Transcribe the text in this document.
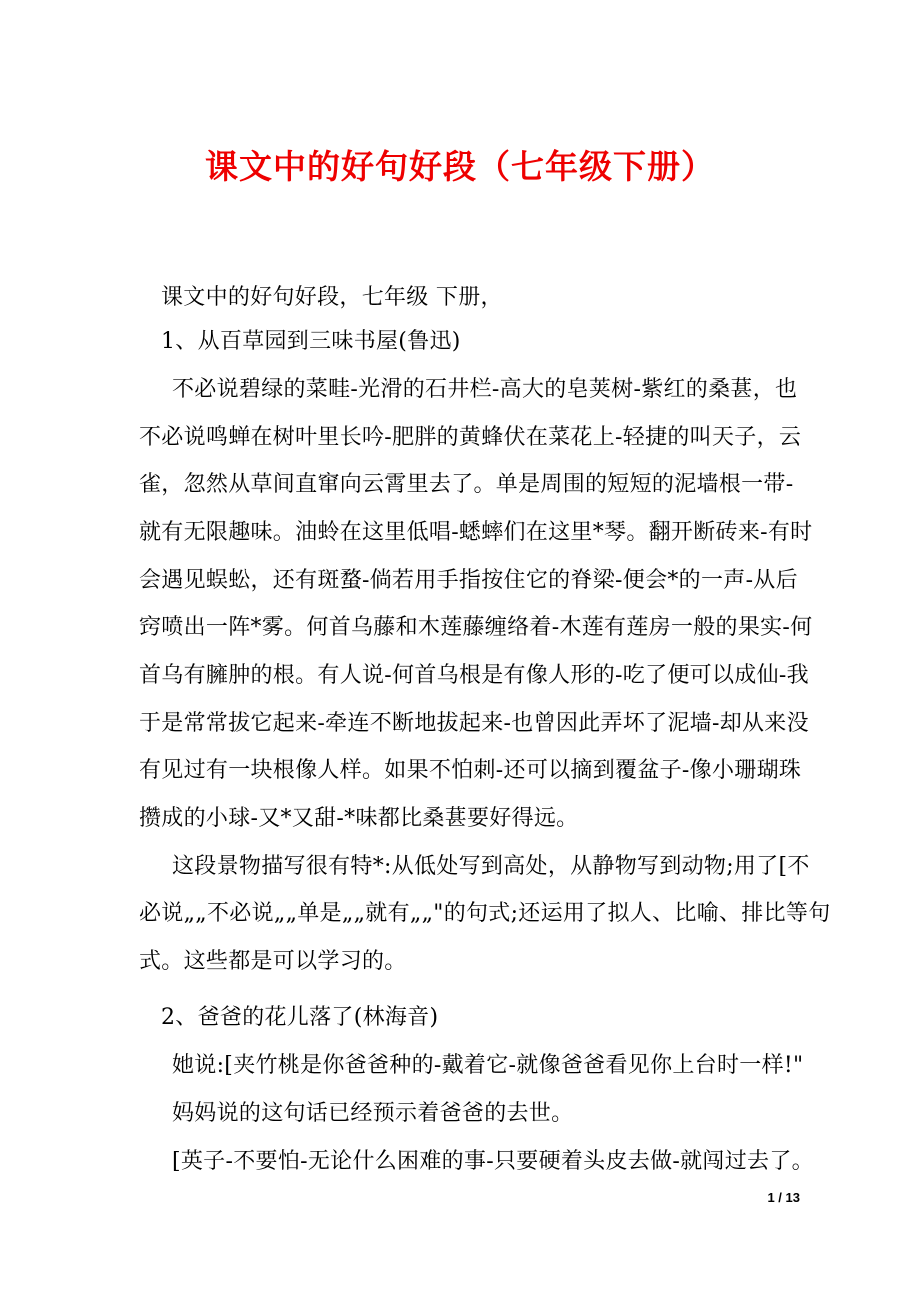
课文中的好句好段（七年级下册）
课文中的好句好段，七年级 下册，
1、从百草园到三味书屋(鲁迅)
不必说碧绿的菜畦-光滑的石井栏-高大的皂荚树-紫红的桑葚，也
不必说鸣蝉在树叶里长吟-肥胖的黄蜂伏在菜花上-轻捷的叫天子，云
雀，忽然从草间直窜向云霄里去了。单是周围的短短的泥墙根一带-
就有无限趣味。油蛉在这里低唱-蟋蟀们在这里*琴。翻开断砖来-有时
会遇见蜈蚣，还有斑蝥-倘若用手指按住它的脊梁-便会*的一声-从后
窍喷出一阵*雾。何首乌藤和木莲藤缠络着-木莲有莲房一般的果实-何
首乌有臃肿的根。有人说-何首乌根是有像人形的-吃了便可以成仙-我
于是常常拔它起来-牵连不断地拔起来-也曾因此弄坏了泥墙-却从来没
有见过有一块根像人样。如果不怕刺-还可以摘到覆盆子-像小珊瑚珠
攒成的小球-又*又甜-*味都比桑葚要好得远。
这段景物描写很有特*:从低处写到高处，从静物写到动物;用了[不
必说„„不必说„„单是„„就有„„"的句式;还运用了拟人、比喻、排比等句
式。这些都是可以学习的。
2、爸爸的花儿落了(林海音)
她说:[夹竹桃是你爸爸种的-戴着它-就像爸爸看见你上台时一样!"
妈妈说的这句话已经预示着爸爸的去世。
[英子-不要怕-无论什么困难的事-只要硬着头皮去做-就闯过去了。
1 / 13
